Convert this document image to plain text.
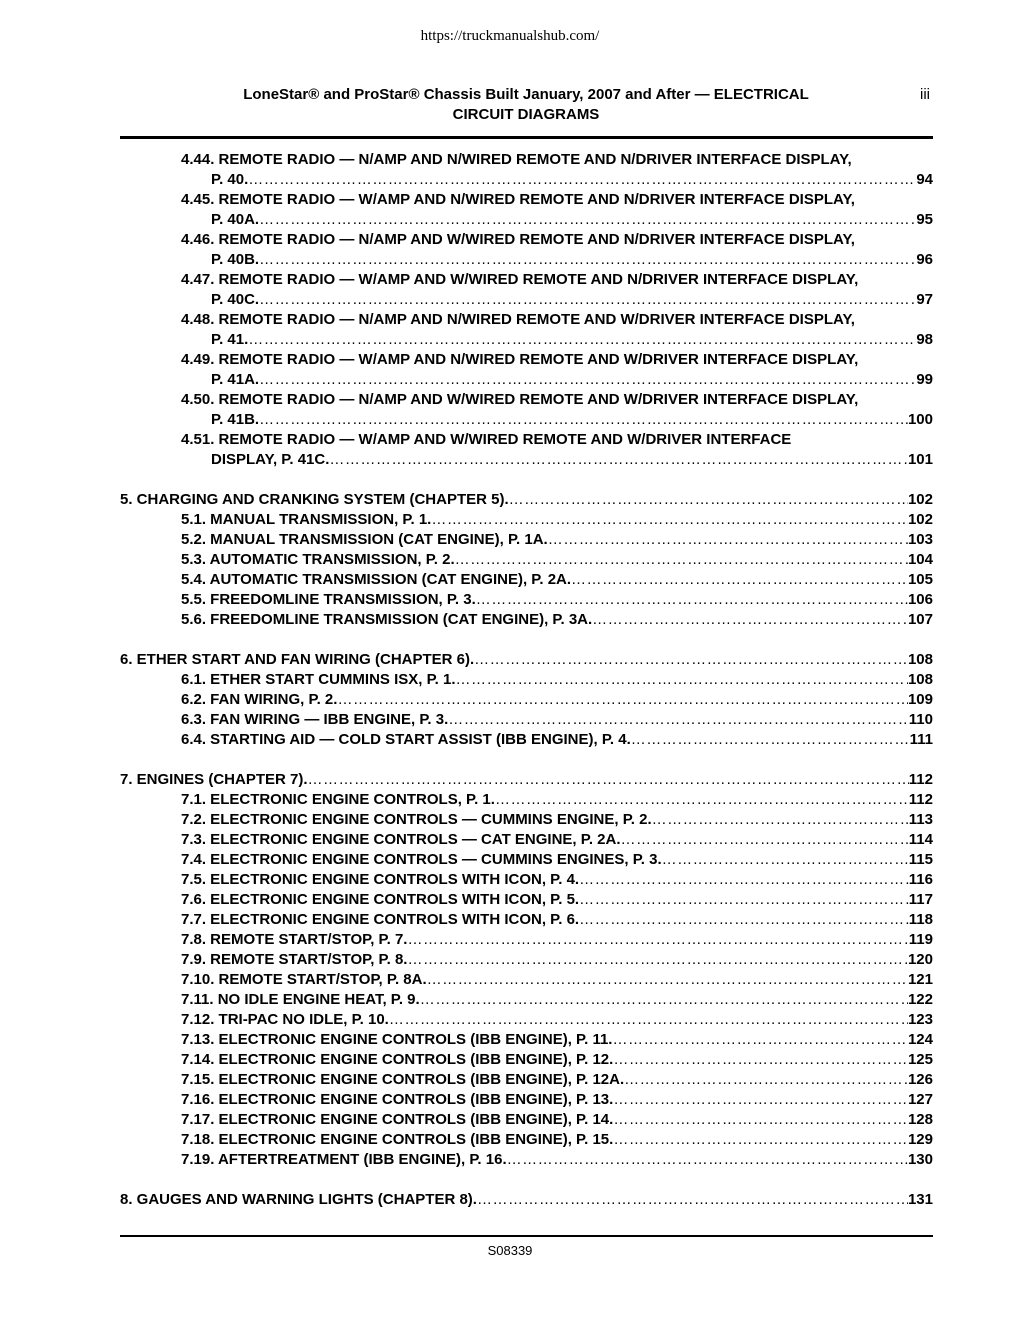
https://truckmanualshub.com/
LoneStar® and ProStar® Chassis Built January, 2007 and After — ELECTRICAL
CIRCUIT DIAGRAMS
iii
4.44. REMOTE RADIO — N/AMP AND N/WIRED REMOTE AND N/DRIVER INTERFACE DISPLAY,
P. 40. ……………………………………………………………………………………………………………………………………………………………………………………………………………………………………………………………	94
4.45. REMOTE RADIO — W/AMP AND N/WIRED REMOTE AND N/DRIVER INTERFACE DISPLAY,
P. 40A. ……………………………………………………………………………………………………………………………………………………………………………………………………………………………………………………………	95
4.46. REMOTE RADIO — N/AMP AND W/WIRED REMOTE AND N/DRIVER INTERFACE DISPLAY,
P. 40B. ……………………………………………………………………………………………………………………………………………………………………………………………………………………………………………………………	96
4.47. REMOTE RADIO — W/AMP AND W/WIRED REMOTE AND N/DRIVER INTERFACE DISPLAY,
P. 40C. ……………………………………………………………………………………………………………………………………………………………………………………………………………………………………………………………	97
4.48. REMOTE RADIO — N/AMP AND N/WIRED REMOTE AND W/DRIVER INTERFACE DISPLAY,
P. 41. ……………………………………………………………………………………………………………………………………………………………………………………………………………………………………………………………	98
4.49. REMOTE RADIO — W/AMP AND N/WIRED REMOTE AND W/DRIVER INTERFACE DISPLAY,
P. 41A. ……………………………………………………………………………………………………………………………………………………………………………………………………………………………………………………………	99
4.50. REMOTE RADIO — N/AMP AND W/WIRED REMOTE AND W/DRIVER INTERFACE DISPLAY,
P. 41B. ……………………………………………………………………………………………………………………………………………………………………………………………………………………………………………………………	100
4.51. REMOTE RADIO — W/AMP AND W/WIRED REMOTE AND W/DRIVER INTERFACE
DISPLAY, P. 41C. ……………………………………………………………………………………………………………………………………………………………………………………………………………………………………………………………	101
5. CHARGING AND CRANKING SYSTEM (CHAPTER 5). ……………………………………………………………………………………………………………………………………………………………………………………………………………………………………………………………	102
5.1. MANUAL TRANSMISSION, P. 1. ……………………………………………………………………………………………………………………………………………………………………………………………………………………………………………………………	102
5.2. MANUAL TRANSMISSION (CAT ENGINE), P. 1A. ……………………………………………………………………………………………………………………………………………………………………………………………………………………………………………………………	103
5.3. AUTOMATIC TRANSMISSION, P. 2. ……………………………………………………………………………………………………………………………………………………………………………………………………………………………………………………………	104
5.4. AUTOMATIC TRANSMISSION (CAT ENGINE), P. 2A. ……………………………………………………………………………………………………………………………………………………………………………………………………………………………………………………………	105
5.5. FREEDOMLINE TRANSMISSION, P. 3. ……………………………………………………………………………………………………………………………………………………………………………………………………………………………………………………………	106
5.6. FREEDOMLINE TRANSMISSION (CAT ENGINE), P. 3A. ……………………………………………………………………………………………………………………………………………………………………………………………………………………………………………………………	107
6. ETHER START AND FAN WIRING (CHAPTER 6). ……………………………………………………………………………………………………………………………………………………………………………………………………………………………………………………………	108
6.1. ETHER START CUMMINS ISX, P. 1. ……………………………………………………………………………………………………………………………………………………………………………………………………………………………………………………………	108
6.2. FAN WIRING, P. 2. ……………………………………………………………………………………………………………………………………………………………………………………………………………………………………………………………	109
6.3. FAN WIRING — IBB ENGINE, P. 3. ……………………………………………………………………………………………………………………………………………………………………………………………………………………………………………………………	110
6.4. STARTING AID — COLD START ASSIST (IBB ENGINE), P. 4. ……………………………………………………………………………………………………………………………………………………………………………………………………………………………………………………………	111
7. ENGINES (CHAPTER 7). ……………………………………………………………………………………………………………………………………………………………………………………………………………………………………………………………	112
7.1. ELECTRONIC ENGINE CONTROLS, P. 1. ……………………………………………………………………………………………………………………………………………………………………………………………………………………………………………………………	112
7.2. ELECTRONIC ENGINE CONTROLS — CUMMINS ENGINE, P. 2. ……………………………………………………………………………………………………………………………………………………………………………………………………………………………………………………………	113
7.3. ELECTRONIC ENGINE CONTROLS — CAT ENGINE, P. 2A. ……………………………………………………………………………………………………………………………………………………………………………………………………………………………………………………………	114
7.4. ELECTRONIC ENGINE CONTROLS — CUMMINS ENGINES, P. 3. ……………………………………………………………………………………………………………………………………………………………………………………………………………………………………………………………	115
7.5. ELECTRONIC ENGINE CONTROLS WITH ICON, P. 4. ……………………………………………………………………………………………………………………………………………………………………………………………………………………………………………………………	116
7.6. ELECTRONIC ENGINE CONTROLS WITH ICON, P. 5. ……………………………………………………………………………………………………………………………………………………………………………………………………………………………………………………………	117
7.7. ELECTRONIC ENGINE CONTROLS WITH ICON, P. 6. ……………………………………………………………………………………………………………………………………………………………………………………………………………………………………………………………	118
7.8. REMOTE START/STOP, P. 7. ……………………………………………………………………………………………………………………………………………………………………………………………………………………………………………………………	119
7.9. REMOTE START/STOP, P. 8. ……………………………………………………………………………………………………………………………………………………………………………………………………………………………………………………………	120
7.10. REMOTE START/STOP, P. 8A. ……………………………………………………………………………………………………………………………………………………………………………………………………………………………………………………………	121
7.11. NO IDLE ENGINE HEAT, P. 9. ……………………………………………………………………………………………………………………………………………………………………………………………………………………………………………………………	122
7.12. TRI-PAC NO IDLE, P. 10. ……………………………………………………………………………………………………………………………………………………………………………………………………………………………………………………………	123
7.13. ELECTRONIC ENGINE CONTROLS (IBB ENGINE), P. 11. ……………………………………………………………………………………………………………………………………………………………………………………………………………………………………………………………	124
7.14. ELECTRONIC ENGINE CONTROLS (IBB ENGINE), P. 12. ……………………………………………………………………………………………………………………………………………………………………………………………………………………………………………………………	125
7.15. ELECTRONIC ENGINE CONTROLS (IBB ENGINE), P. 12A. ……………………………………………………………………………………………………………………………………………………………………………………………………………………………………………………………	126
7.16. ELECTRONIC ENGINE CONTROLS (IBB ENGINE), P. 13. ……………………………………………………………………………………………………………………………………………………………………………………………………………………………………………………………	127
7.17. ELECTRONIC ENGINE CONTROLS (IBB ENGINE), P. 14. ……………………………………………………………………………………………………………………………………………………………………………………………………………………………………………………………	128
7.18. ELECTRONIC ENGINE CONTROLS (IBB ENGINE), P. 15. ……………………………………………………………………………………………………………………………………………………………………………………………………………………………………………………………	129
7.19. AFTERTREATMENT (IBB ENGINE), P. 16. ……………………………………………………………………………………………………………………………………………………………………………………………………………………………………………………………	130
8. GAUGES AND WARNING LIGHTS (CHAPTER 8). ……………………………………………………………………………………………………………………………………………………………………………………………………………………………………………………………	131
S08339
